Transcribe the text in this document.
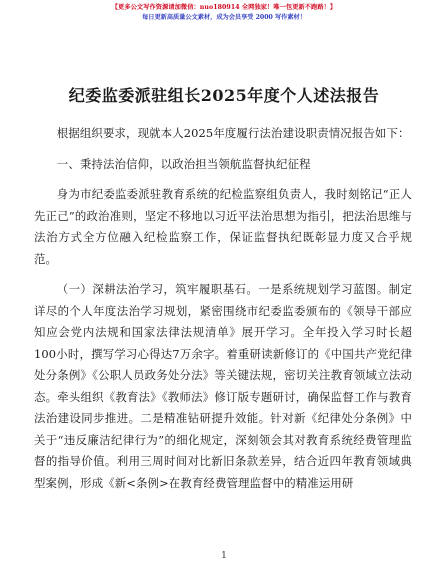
【更多公文写作资源请加微信：nuo180914 全网独家！唯一包更新不跑路！】
每日更新高质量公文素材，成为会员享受 2000 写作素材！
纪委监委派驻组长2025年度个人述法报告

根据组织要求，现就本人2025年度履行法治建设职责情况报告如下：

一、秉持法治信仰，以政治担当领航监督执纪征程

身为市纪委监委派驻教育系统的纪检监察组负责人，我时刻铭记“正人先正己”的政治准则，坚定不移地以习近平法治思想为指引，把法治思维与法治方式全方位融入纪检监察工作，保证监督执纪既彰显力度又合乎规范。

（一）深耕法治学习，筑牢履职基石。一是系统规划学习蓝图。制定详尽的个人年度法治学习规划，紧密围绕市纪委监委颁布的《领导干部应知应会党内法规和国家法律法规清单》展开学习。全年投入学习时长超100小时，撰写学习心得达7万余字。着重研读新修订的《中国共产党纪律处分条例》《公职人员政务处分法》等关键法规，密切关注教育领域立法动态。牵头组织《教育法》《教师法》修订版专题研讨，确保监督工作与教育法治建设同步推进。二是精准钻研提升效能。针对新《纪律处分条例》中关于“违反廉洁纪律行为”的细化规定，深刻领会其对教育系统经费管理监督的指导价值。利用三周时间对比新旧条款差异，结合近四年教育领域典型案例，形成《新<条例>在教育经费管理监督中的精准运用研

1
